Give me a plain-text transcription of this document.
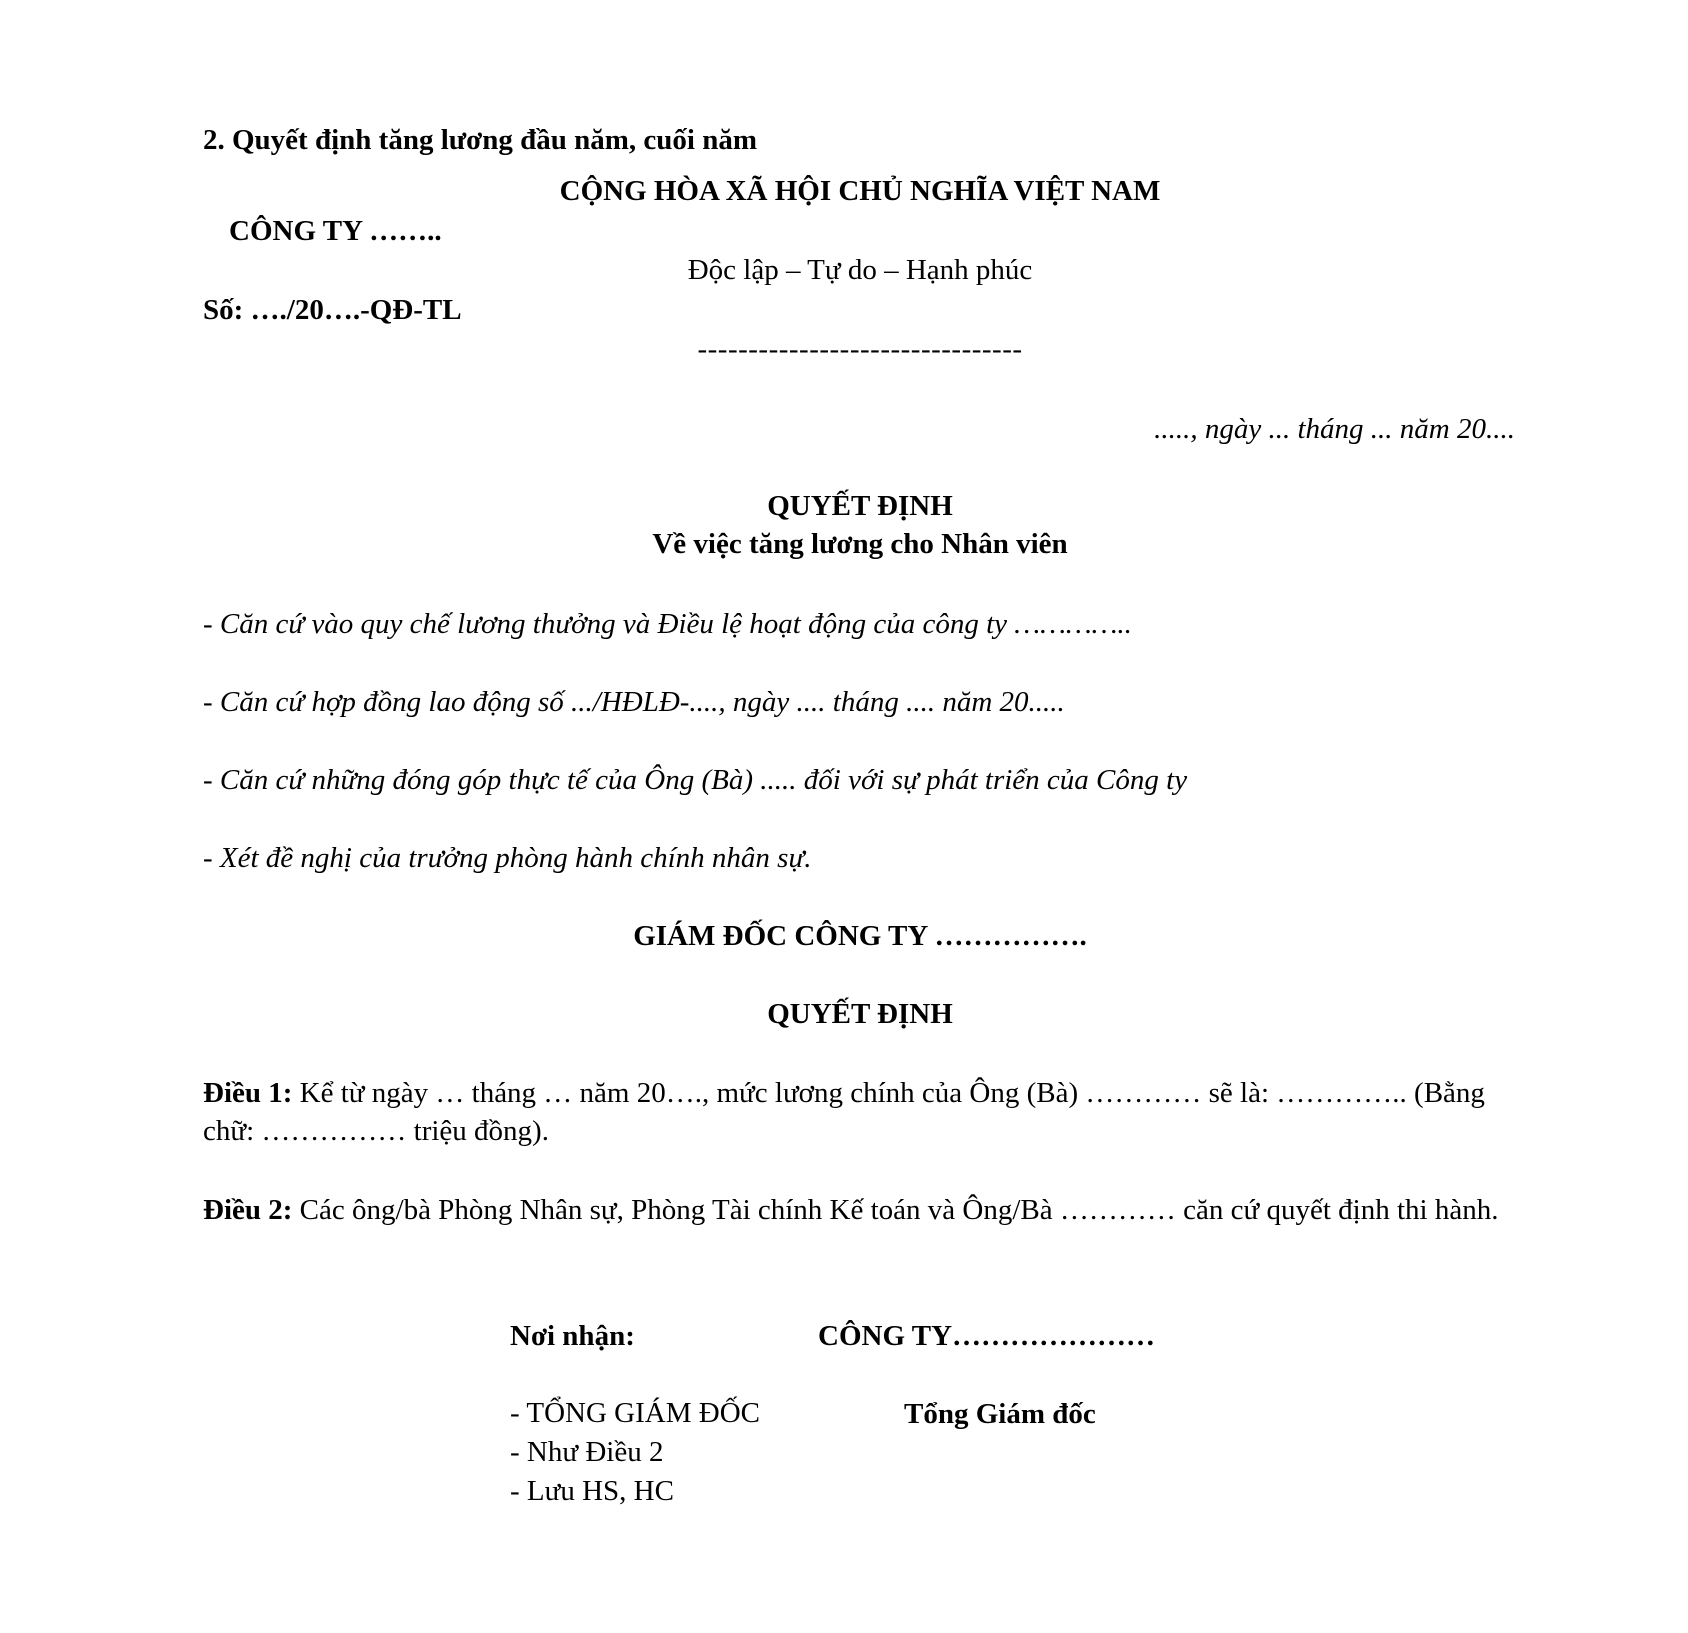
2. Quyết định tăng lương đầu năm, cuối năm
CỘNG HÒA XÃ HỘI CHỦ NGHĨA VIỆT NAM
CÔNG TY ……..
Độc lập – Tự do – Hạnh phúc
Số: …./20….-QĐ-TL
--------------------------------
....., ngày ... tháng ... năm 20....
QUYẾT ĐỊNH
Về việc tăng lương cho Nhân viên
- Căn cứ vào quy chế lương thưởng và Điều lệ hoạt động của công ty …………..
- Căn cứ hợp đồng lao động số .../HĐLĐ-...., ngày .... tháng .... năm 20.....
- Căn cứ những đóng góp thực tế của Ông (Bà) ..... đối với sự phát triển của Công ty
- Xét đề nghị của trưởng phòng hành chính nhân sự.
GIÁM ĐỐC CÔNG TY …………….
QUYẾT ĐỊNH
Điều 1: Kể từ ngày … tháng … năm 20…., mức lương chính của Ông (Bà) ………… sẽ là: ………….. (Bằng chữ: …………… triệu đồng).
Điều 2: Các ông/bà Phòng Nhân sự, Phòng Tài chính Kế toán và Ông/Bà ………… căn cứ quyết định thi hành.
Nơi nhận:	CÔNG TY…………………
- TỔNG GIÁM ĐỐC
- Như Điều 2
- Lưu HS, HC
Tổng Giám đốc
